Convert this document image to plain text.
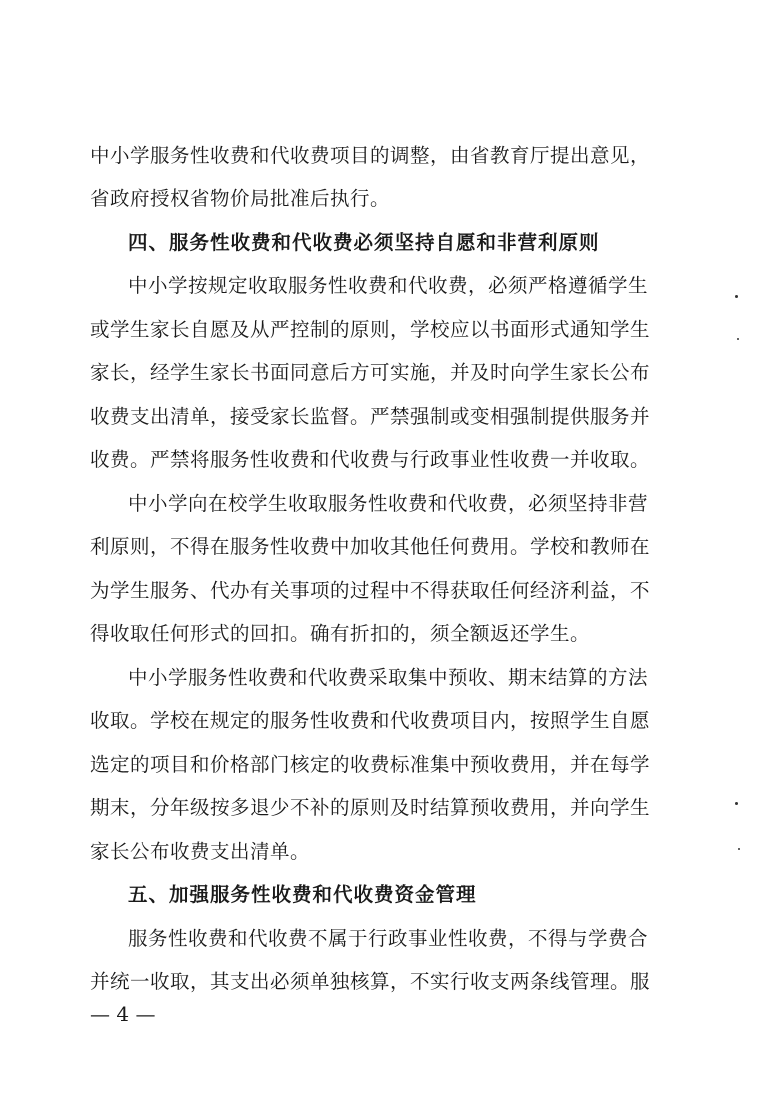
中小学服务性收费和代收费项目的调整，由省教育厅提出意见，
省政府授权省物价局批准后执行。
四、服务性收费和代收费必须坚持自愿和非营利原则
中小学按规定收取服务性收费和代收费，必须严格遵循学生
或学生家长自愿及从严控制的原则，学校应以书面形式通知学生
家长，经学生家长书面同意后方可实施，并及时向学生家长公布
收费支出清单，接受家长监督。严禁强制或变相强制提供服务并
收费。严禁将服务性收费和代收费与行政事业性收费一并收取。
中小学向在校学生收取服务性收费和代收费，必须坚持非营
利原则，不得在服务性收费中加收其他任何费用。学校和教师在
为学生服务、代办有关事项的过程中不得获取任何经济利益，不
得收取任何形式的回扣。确有折扣的，须全额返还学生。
中小学服务性收费和代收费采取集中预收、期末结算的方法
收取。学校在规定的服务性收费和代收费项目内，按照学生自愿
选定的项目和价格部门核定的收费标准集中预收费用，并在每学
期末，分年级按多退少不补的原则及时结算预收费用，并向学生
家长公布收费支出清单。
五、加强服务性收费和代收费资金管理
服务性收费和代收费不属于行政事业性收费，不得与学费合
并统一收取，其支出必须单独核算，不实行收支两条线管理。服
— 4 —
